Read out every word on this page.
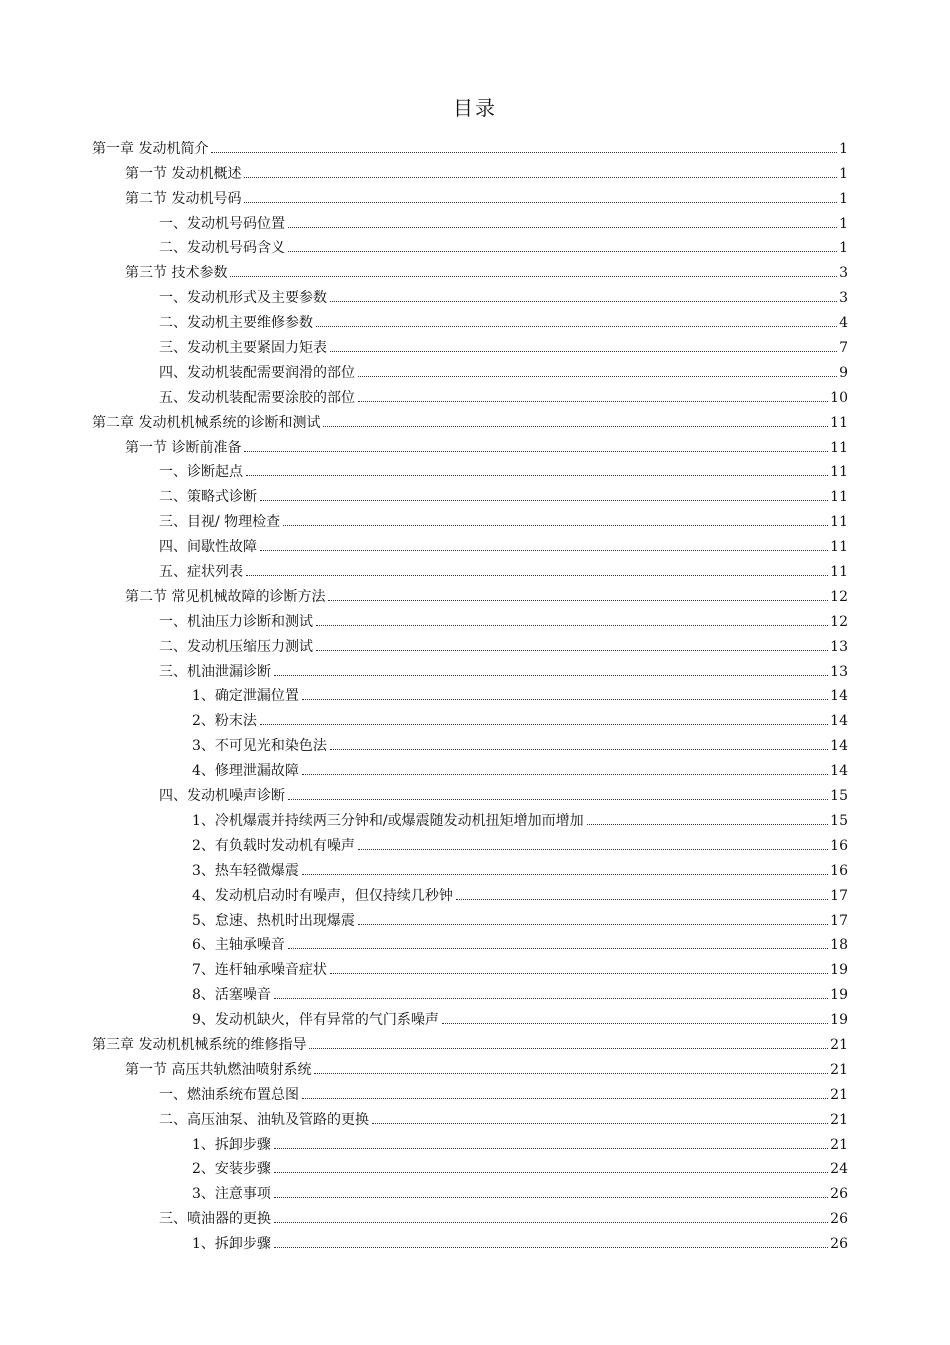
目录
第一章 发动机简介	1
第一节 发动机概述	1
第二节 发动机号码	1
一、发动机号码位置	1
二、发动机号码含义	1
第三节 技术参数	3
一、发动机形式及主要参数	3
二、发动机主要维修参数	4
三、发动机主要紧固力矩表	7
四、发动机装配需要润滑的部位	9
五、发动机装配需要涂胶的部位	10
第二章 发动机机械系统的诊断和测试	11
第一节 诊断前准备	11
一、诊断起点	11
二、策略式诊断	11
三、目视/ 物理检查	11
四、间歇性故障	11
五、症状列表	11
第二节 常见机械故障的诊断方法	12
一、机油压力诊断和测试	12
二、发动机压缩压力测试	13
三、机油泄漏诊断	13
1、确定泄漏位置	14
2、粉末法	14
3、不可见光和染色法	14
4、修理泄漏故障	14
四、发动机噪声诊断	15
1、冷机爆震并持续两三分钟和/或爆震随发动机扭矩增加而增加	15
2、有负载时发动机有噪声	16
3、热车轻微爆震	16
4、发动机启动时有噪声，但仅持续几秒钟	17
5、怠速、热机时出现爆震	17
6、主轴承噪音	18
7、连杆轴承噪音症状	19
8、活塞噪音	19
9、发动机缺火，伴有异常的气门系噪声	19
第三章 发动机机械系统的维修指导	21
第一节 高压共轨燃油喷射系统	21
一、燃油系统布置总图	21
二、高压油泵、油轨及管路的更换	21
1、拆卸步骤	21
2、安装步骤	24
3、注意事项	26
三、喷油器的更换	26
1、拆卸步骤	26
